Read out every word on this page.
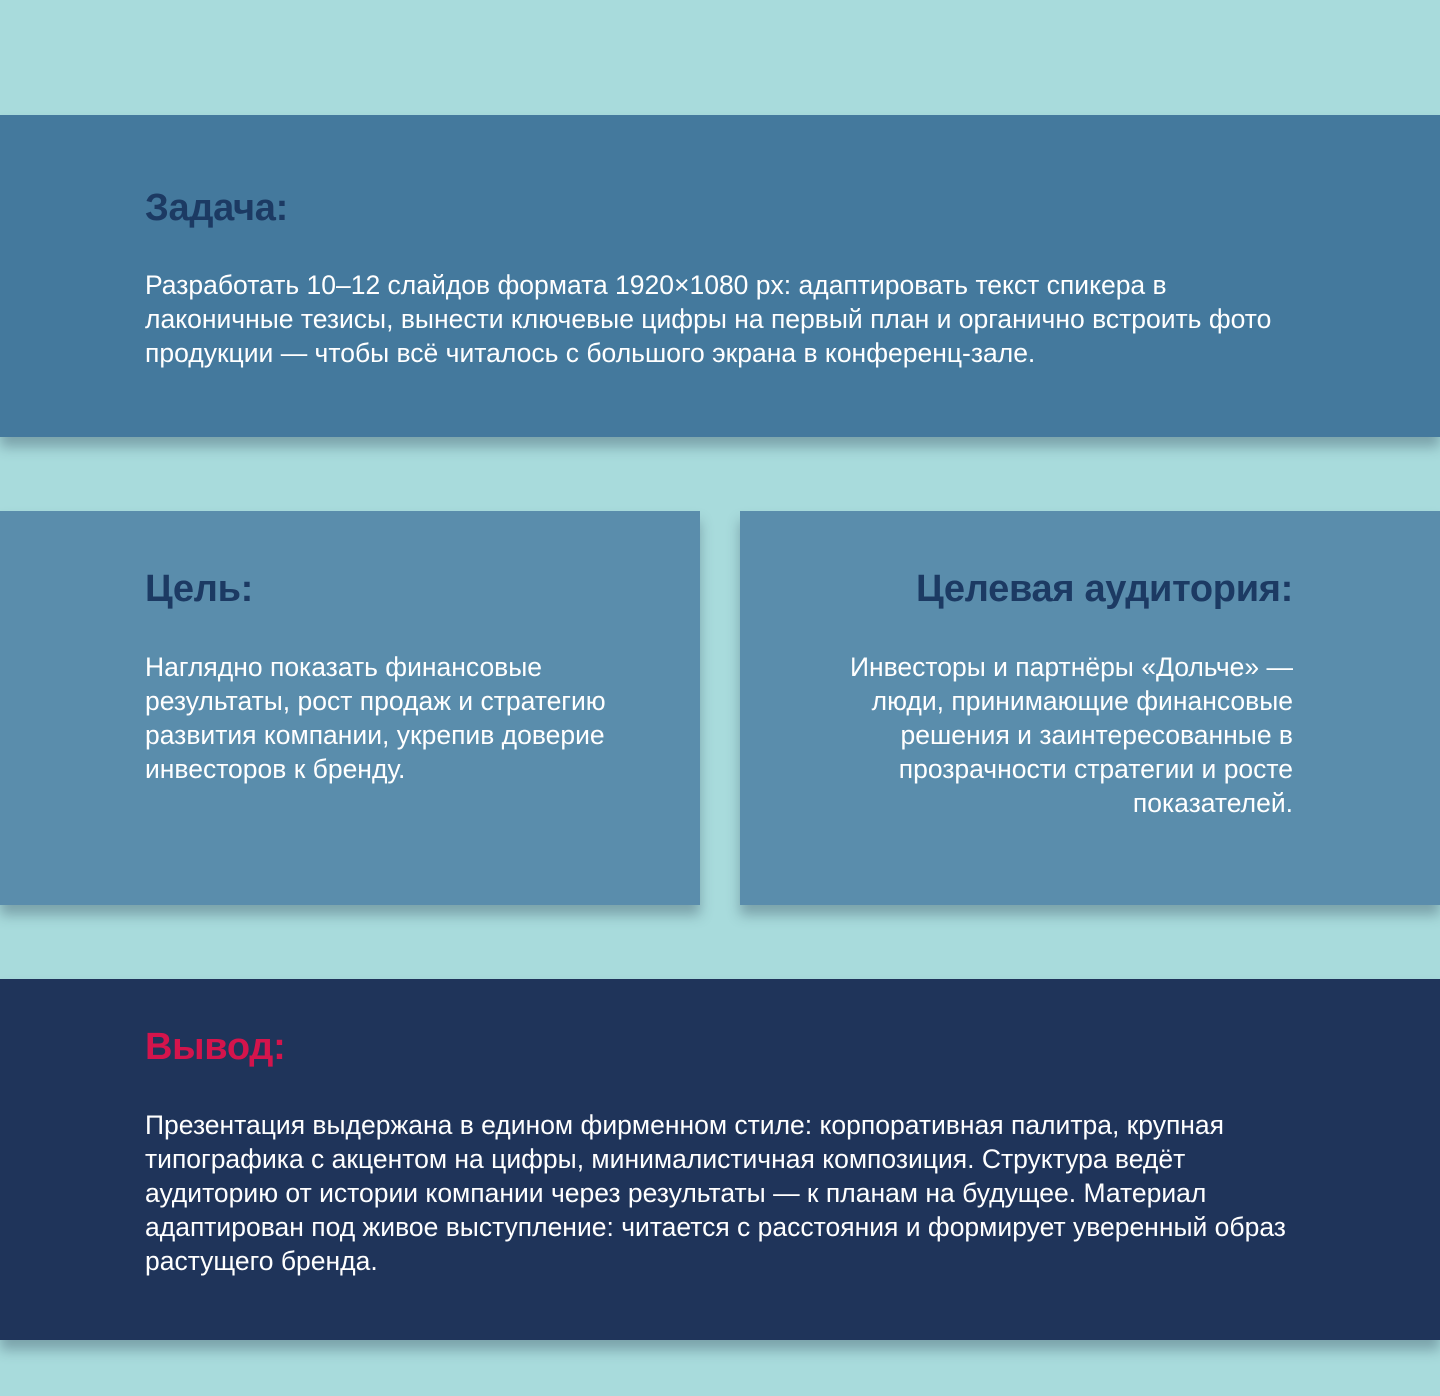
Задача:

Разработать 10–12 слайдов формата 1920×1080 px: адаптировать текст спикера в лаконичные тезисы, вынести ключевые цифры на первый план и органично встроить фото продукции — чтобы всё читалось с большого экрана в конференц-зале.

Цель:

Наглядно показать финансовые результаты, рост продаж и стратегию развития компании, укрепив доверие инвесторов к бренду.

Целевая аудитория:

Инвесторы и партнёры «Дольче» — люди, принимающие финансовые решения и заинтересованные в прозрачности стратегии и росте показателей.

Вывод:

Презентация выдержана в едином фирменном стиле: корпоративная палитра, крупная типографика с акцентом на цифры, минималистичная композиция. Структура ведёт аудиторию от истории компании через результаты — к планам на будущее. Материал адаптирован под живое выступление: читается с расстояния и формирует уверенный образ растущего бренда.
